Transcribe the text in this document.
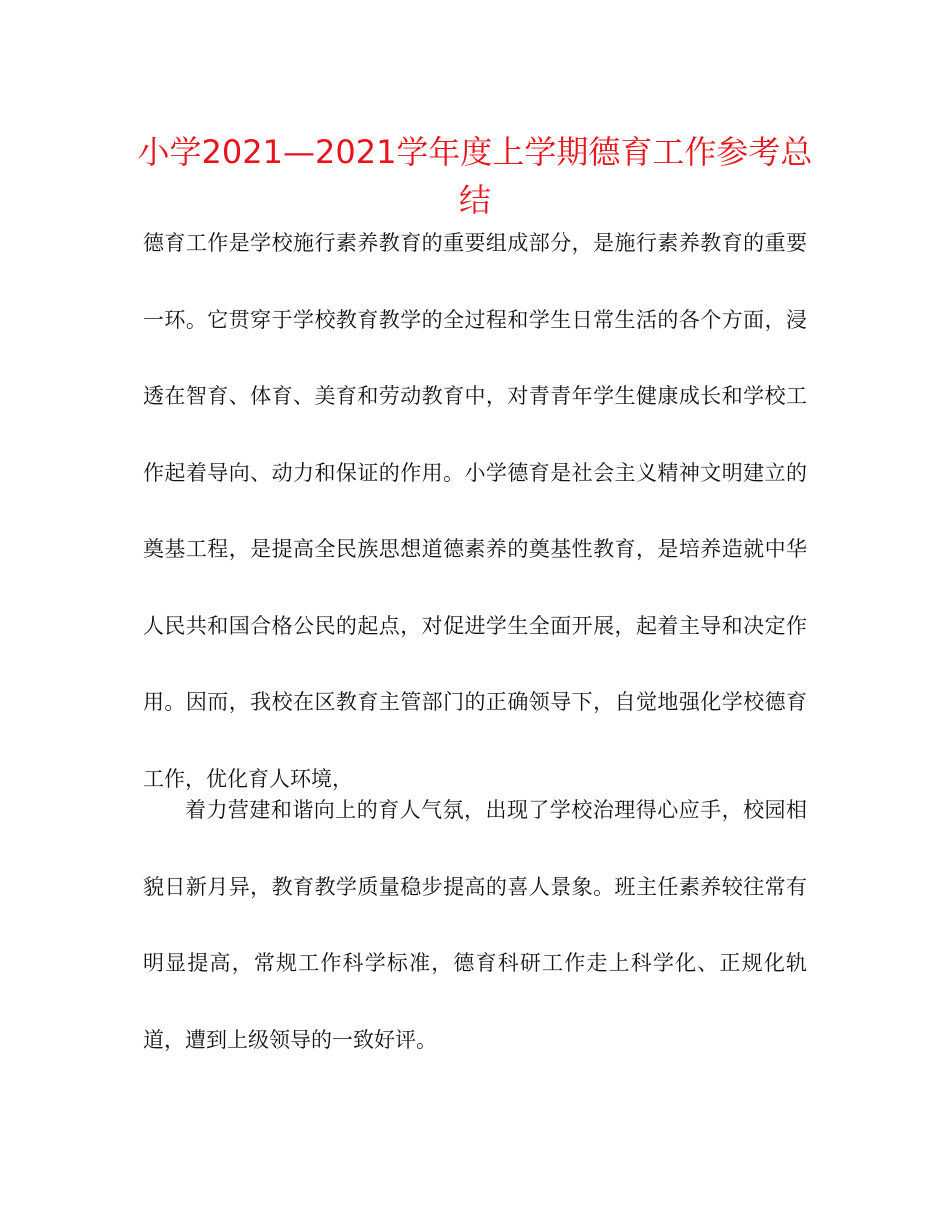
小学2021—2021学年度上学期德育工作参考总结

德育工作是学校施行素养教育的重要组成部分，是施行素养教育的重要一环。它贯穿于学校教育教学的全过程和学生日常生活的各个方面，浸透在智育、体育、美育和劳动教育中，对青青年学生健康成长和学校工作起着导向、动力和保证的作用。小学德育是社会主义精神文明建立的奠基工程，是提高全民族思想道德素养的奠基性教育，是培养造就中华人民共和国合格公民的起点，对促进学生全面开展，起着主导和决定作用。因而，我校在区教育主管部门的正确领导下，自觉地强化学校德育工作，优化育人环境，

着力营建和谐向上的育人气氛，出现了学校治理得心应手，校园相貌日新月异，教育教学质量稳步提高的喜人景象。班主任素养较往常有明显提高，常规工作科学标准，德育科研工作走上科学化、正规化轨道，遭到上级领导的一致好评。
